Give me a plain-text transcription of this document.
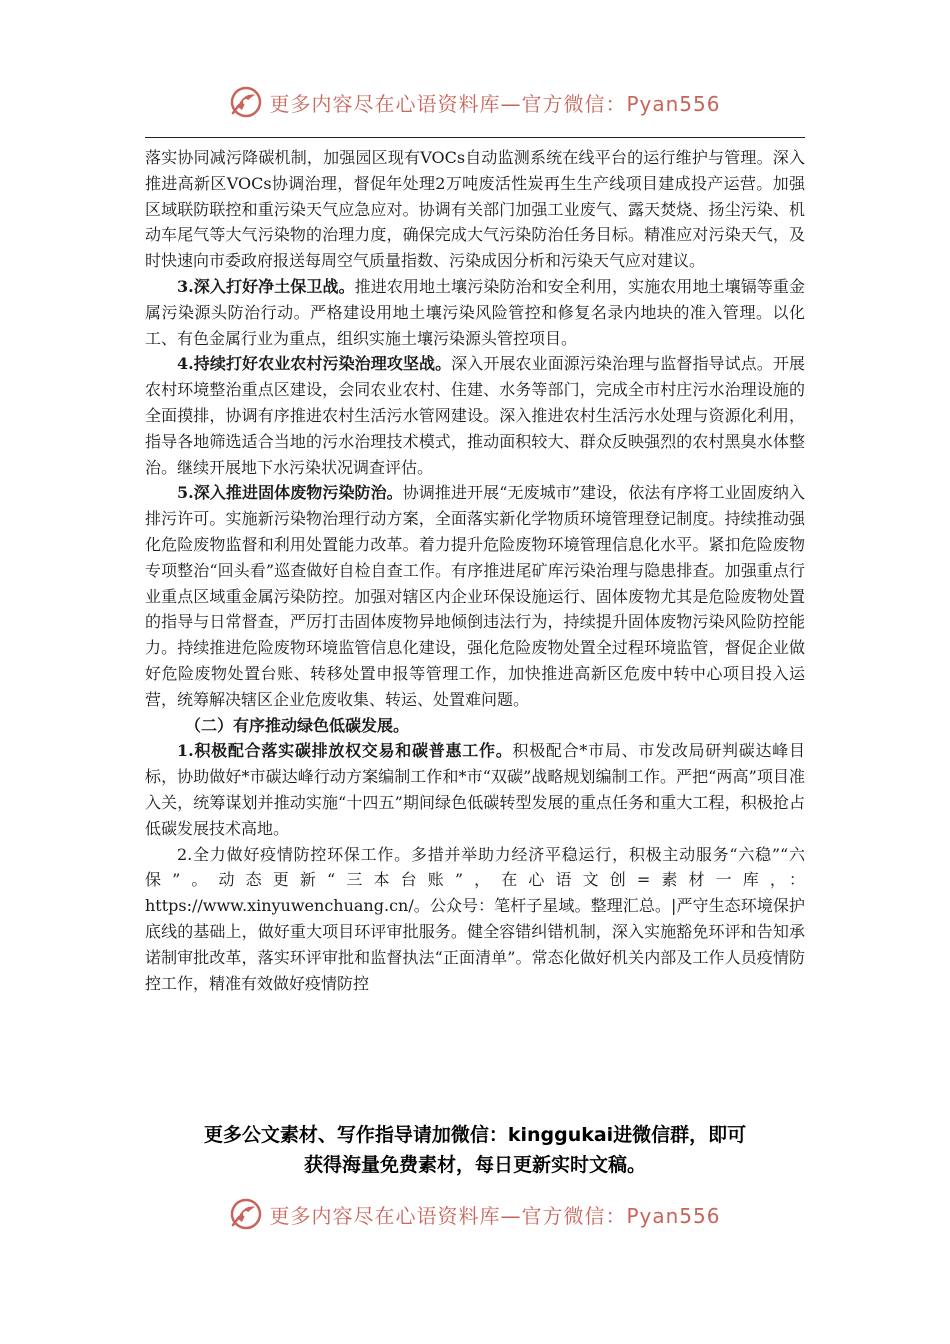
更多内容尽在心语资料库—官方微信：Pyan556

落实协同减污降碳机制，加强园区现有VOCs自动监测系统在线平台的运行维护与管理。深入推进高新区VOCs协调治理，督促年处理2万吨废活性炭再生生产线项目建成投产运营。加强区域联防联控和重污染天气应急应对。协调有关部门加强工业废气、露天焚烧、扬尘污染、机动车尾气等大气污染物的治理力度，确保完成大气污染防治任务目标。精准应对污染天气，及时快速向市委政府报送每周空气质量指数、污染成因分析和污染天气应对建议。

3.深入打好净土保卫战。推进农用地土壤污染防治和安全利用，实施农用地土壤镉等重金属污染源头防治行动。严格建设用地土壤污染风险管控和修复名录内地块的准入管理。以化工、有色金属行业为重点，组织实施土壤污染源头管控项目。

4.持续打好农业农村污染治理攻坚战。深入开展农业面源污染治理与监督指导试点。开展农村环境整治重点区建设，会同农业农村、住建、水务等部门，完成全市村庄污水治理设施的全面摸排，协调有序推进农村生活污水管网建设。深入推进农村生活污水处理与资源化利用，指导各地筛选适合当地的污水治理技术模式，推动面积较大、群众反映强烈的农村黑臭水体整治。继续开展地下水污染状况调查评估。

5.深入推进固体废物污染防治。协调推进开展“无废城市”建设，依法有序将工业固废纳入排污许可。实施新污染物治理行动方案，全面落实新化学物质环境管理登记制度。持续推动强化危险废物监督和利用处置能力改革。着力提升危险废物环境管理信息化水平。紧扣危险废物专项整治“回头看”巡查做好自检自查工作。有序推进尾矿库污染治理与隐患排查。加强重点行业重点区域重金属污染防控。加强对辖区内企业环保设施运行、固体废物尤其是危险废物处置的指导与日常督查，严厉打击固体废物异地倾倒违法行为，持续提升固体废物污染风险防控能力。持续推进危险废物环境监管信息化建设，强化危险废物处置全过程环境监管，督促企业做好危险废物处置台账、转移处置申报等管理工作，加快推进高新区危废中转中心项目投入运营，统筹解决辖区企业危废收集、转运、处置难问题。

（二）有序推动绿色低碳发展。

1.积极配合落实碳排放权交易和碳普惠工作。积极配合*市局、市发改局研判碳达峰目标，协助做好*市碳达峰行动方案编制工作和*市“双碳”战略规划编制工作。严把“两高”项目准入关，统筹谋划并推动实施“十四五”期间绿色低碳转型发展的重点任务和重大工程，积极抢占低碳发展技术高地。

2.全力做好疫情防控环保工作。多措并举助力经济平稳运行，积极主动服务“六稳”“六保”。动态更新“三本台账”，在心语文创=素材一库，：https://www.xinyuwenchuang.cn/。公众号：笔杆子星域。整理汇总。|严守生态环境保护底线的基础上，做好重大项目环评审批服务。健全容错纠错机制，深入实施豁免环评和告知承诺制审批改革，落实环评审批和监督执法“正面清单”。常态化做好机关内部及工作人员疫情防控工作，精准有效做好疫情防控

更多公文素材、写作指导请加微信：kinggukai进微信群，即可
获得海量免费素材，每日更新实时文稿。
更多内容尽在心语资料库—官方微信：Pyan556
